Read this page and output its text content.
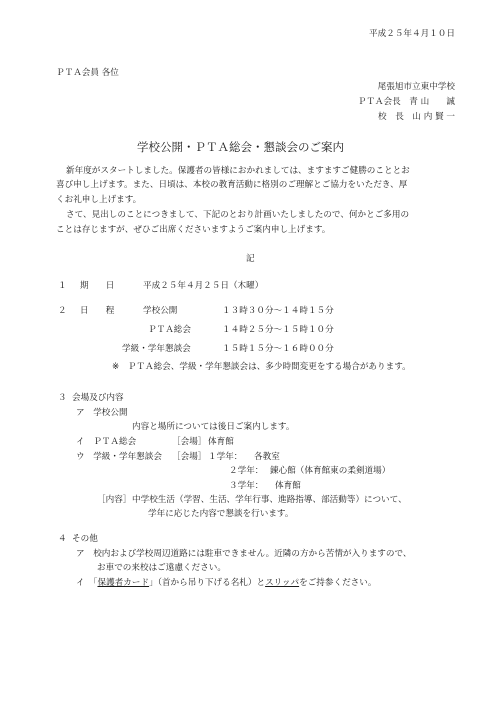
平成２５年４月１０日
ＰＴＡ会員 各位
尾張旭市立東中学校
ＰＴＡ会長　青 山　　誠
校　長　山 内 賢 一
学校公開・ＰＴＡ総会・懇談会のご案内
新年度がスタートしました。保護者の皆様におかれましては、ますますご健勝のこととお
喜び申し上げます。また、日頃は、本校の教育活動に格別のご理解とご協力をいただき、厚
くお礼申し上げます。
さて、見出しのことにつきまして、下記のとおり計画いたしましたので、何かとご多用の
ことは存じますが、ぜひご出席くださいますようご案内申し上げます。
記
１ 期　　日	平成２５年４月２５日（木曜）
２ 日　　程	学校公開	１３時３０分～１４時１５分
ＰＴＡ総会	１４時２５分～１５時１０分
学級・学年懇談会	１５時１５分～１６時００分
※　ＰＴＡ総会、学級・学年懇談会は、多少時間変更をする場合があります。
３ 会場及び内容
ア　学校公開
内容と場所については後日ご案内します。
イ　ＰＴＡ総会	［会場］ 体育館
ウ　学級・学年懇談会 ［会場］ １学年： 各教室
２学年： 錬心館（体育館東の柔剣道場）
３学年： 体育館
［内容］ 中学校生活（学習、生活、学年行事、進路指導、部活動等）について、
学年に応じた内容で懇談を行います。
４ その他
ア　校内および学校周辺道路には駐車できません。近隣の方から苦情が入りますので、
お車での来校はご遠慮ください。
イ　「保護者カード」（首から吊り下げる名札）とスリッパをご持参ください。
